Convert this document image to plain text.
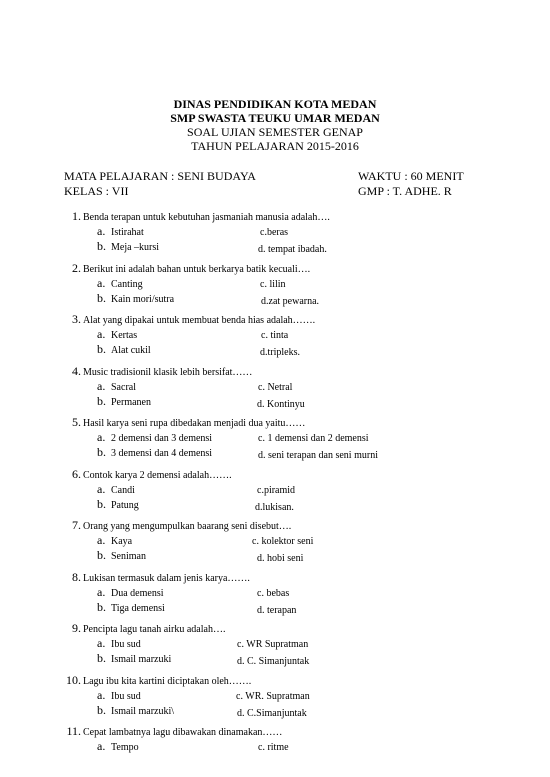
DINAS PENDIDIKAN KOTA MEDAN
SMP SWASTA TEUKU UMAR MEDAN
SOAL UJIAN SEMESTER GENAP
TAHUN PELAJARAN 2015-2016
MATA PELAJARAN : SENI BUDAYA	WAKTU : 60 MENIT
KELAS : VII	GMP : T. ADHE. R
1. Benda terapan untuk kebutuhan jasmaniah manusia adalah….
a. Istirahat	c.beras
b. Meja –kursi	d. tempat ibadah.
2. Berikut ini adalah bahan untuk berkarya batik kecuali….
a. Canting	c. lilin
b. Kain mori/sutra	d.zat pewarna.
3. Alat yang dipakai untuk membuat benda hias adalah…….
a. Kertas	c. tinta
b. Alat cukil	d.tripleks.
4. Music tradisionil klasik lebih bersifat……
a. Sacral	c. Netral
b. Permanen	d. Kontinyu
5. Hasil karya seni rupa dibedakan menjadi dua yaitu……
a. 2 demensi dan 3 demensi	c. 1 demensi dan 2 demensi
b. 3 demensi dan 4 demensi	d. seni terapan dan seni murni
6. Contok karya 2 demensi adalah…….
a. Candi	c.piramid
b. Patung	d.lukisan.
7. Orang yang mengumpulkan baarang seni disebut….
a. Kaya	c. kolektor seni
b. Seniman	d. hobi seni
8. Lukisan termasuk dalam jenis karya…….
a. Dua demensi	c. bebas
b. Tiga demensi	d. terapan
9. Pencipta lagu tanah airku adalah….
a. Ibu sud	c. WR Supratman
b. Ismail marzuki	d. C. Simanjuntak
10. Lagu ibu kita kartini diciptakan oleh…….
a. Ibu sud	c. WR. Supratman
b. Ismail marzuki\	d. C.Simanjuntak
11. Cepat lambatnya lagu dibawakan dinamakan……
a. Tempo	c. ritme
